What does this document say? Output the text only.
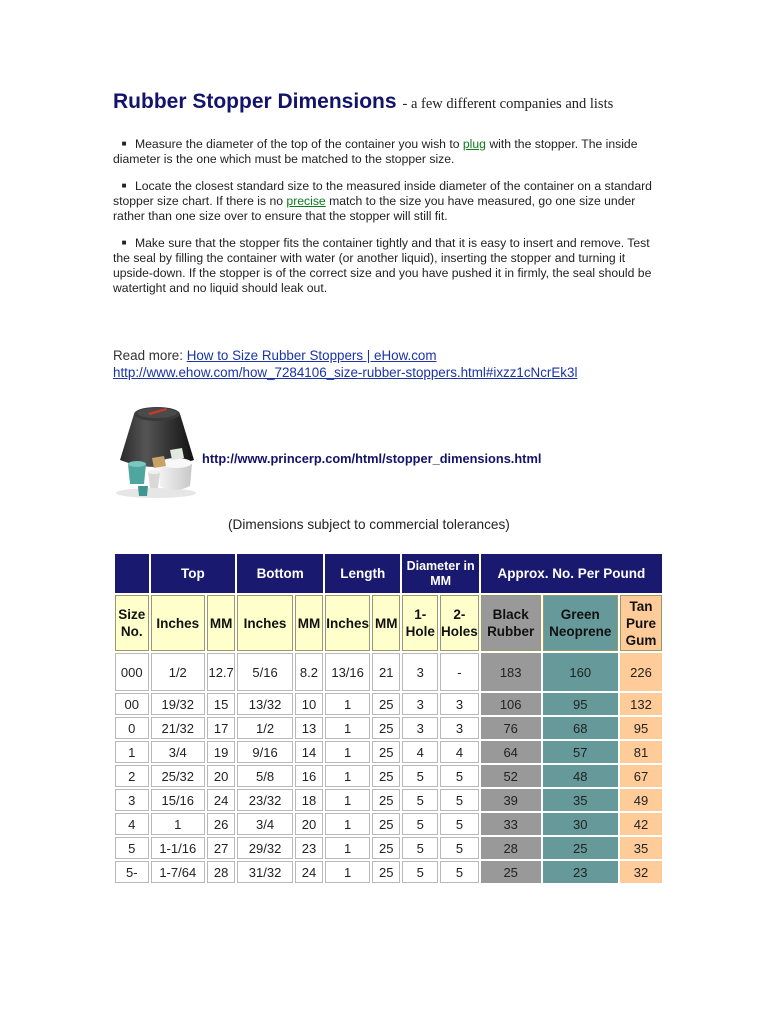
Rubber Stopper Dimensions - a few different companies and lists
■ Measure the diameter of the top of the container you wish to plug with the stopper. The inside diameter is the one which must be matched to the stopper size.
■ Locate the closest standard size to the measured inside diameter of the container on a standard stopper size chart. If there is no precise match to the size you have measured, go one size under rather than one size over to ensure that the stopper will still fit.
■ Make sure that the stopper fits the container tightly and that it is easy to insert and remove. Test the seal by filling the container with water (or another liquid), inserting the stopper and turning it upside-down. If the stopper is of the correct size and you have pushed it in firmly, the seal should be watertight and no liquid should leak out.
Read more: How to Size Rubber Stoppers | eHow.com
http://www.ehow.com/how_7284106_size-rubber-stoppers.html#ixzz1cNcrEk3l
http://www.princerp.com/html/stopper_dimensions.html
(Dimensions subject to commercial tolerances)
	Top		Bottom		Length		Diameter in MM		Approx. No. Per Pound		
Size No.	Inches	MM	Inches	MM	Inches	MM	1- Hole	2- Holes	Black Rubber	Green Neoprene	Tan Pure Gum
000	1/2	12.7	5/16	8.2	13/16	21	3	-	183	160	226
00	19/32	15	13/32	10	1	25	3	3	106	95	132
0	21/32	17	1/2	13	1	25	3	3	76	68	95
1	3/4	19	9/16	14	1	25	4	4	64	57	81
2	25/32	20	5/8	16	1	25	5	5	52	48	67
3	15/16	24	23/32	18	1	25	5	5	39	35	49
4	1	26	3/4	20	1	25	5	5	33	30	42
5	1-1/16	27	29/32	23	1	25	5	5	28	25	35
5-	1-7/64	28	31/32	24	1	25	5	5	25	23	32
